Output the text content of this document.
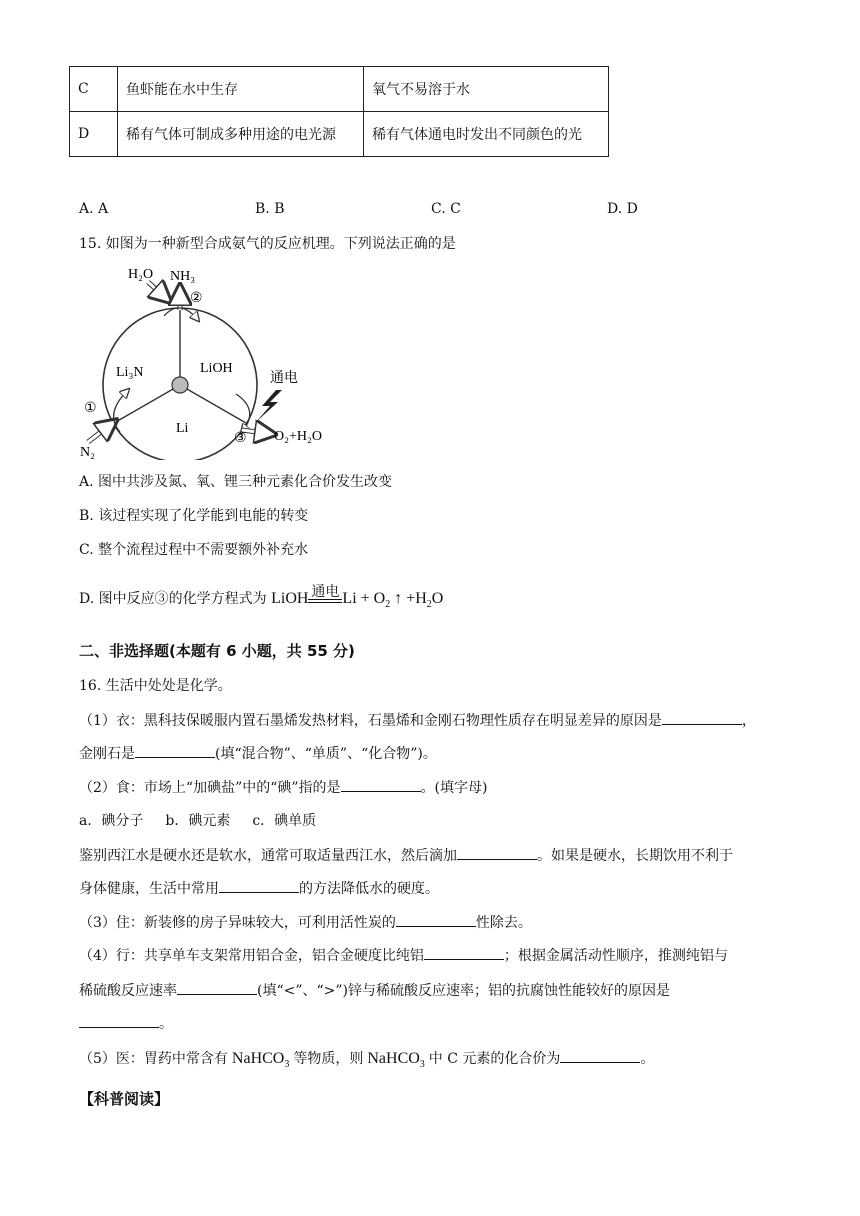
C	鱼虾能在水中生存	氧气不易溶于水
D	稀有气体可制成多种用途的电光源	稀有气体通电时发出不同颜色的光
A. A	B. B	C. C	D. D
15. 如图为一种新型合成氨气的反应机理。下列说法正确的是
H₂O NH₃
②
Li₃N	LiOH
通电
①
N₂
Li
③ O₂+H₂O
A. 图中共涉及氮、氧、锂三种元素化合价发生改变
B. 该过程实现了化学能到电能的转变
C. 整个流程过程中不需要额外补充水
D. 图中反应③的化学方程式为 LiOH 通电 $Li + O_2$ ↑ $+H_2O$
二、非选择题(本题有 6 小题，共 55 分)
16. 生活中处处是化学。
（1）衣：黑科技保暖服内置石墨烯发热材料，石墨烯和金刚石物理性质存在明显差异的原因是	，
金刚石是	(填“混合物”、“单质”、“化合物”)。
（2）食：市场上“加碘盐”中的“碘”指的是	。(填字母)
a．碘分子 b．碘元素 c．碘单质
鉴别西江水是硬水还是软水，通常可取适量西江水，然后滴加	。如果是硬水，长期饮用不利于
身体健康，生活中常用	的方法降低水的硬度。
（3）住：新装修的房子异味较大，可利用活性炭的	性除去。
（4）行：共享单车支架常用铝合金，铝合金硬度比纯铝	；根据金属活动性顺序，推测纯铝与
稀硫酸反应速率	(填“<”、“>”)锌与稀硫酸反应速率；铝的抗腐蚀性能较好的原因是
。
（5）医：胃药中常含有 NaHCO$_3$ 等物质，则 NaHCO$_3$ 中 C 元素的化合价为	。
【科普阅读】
